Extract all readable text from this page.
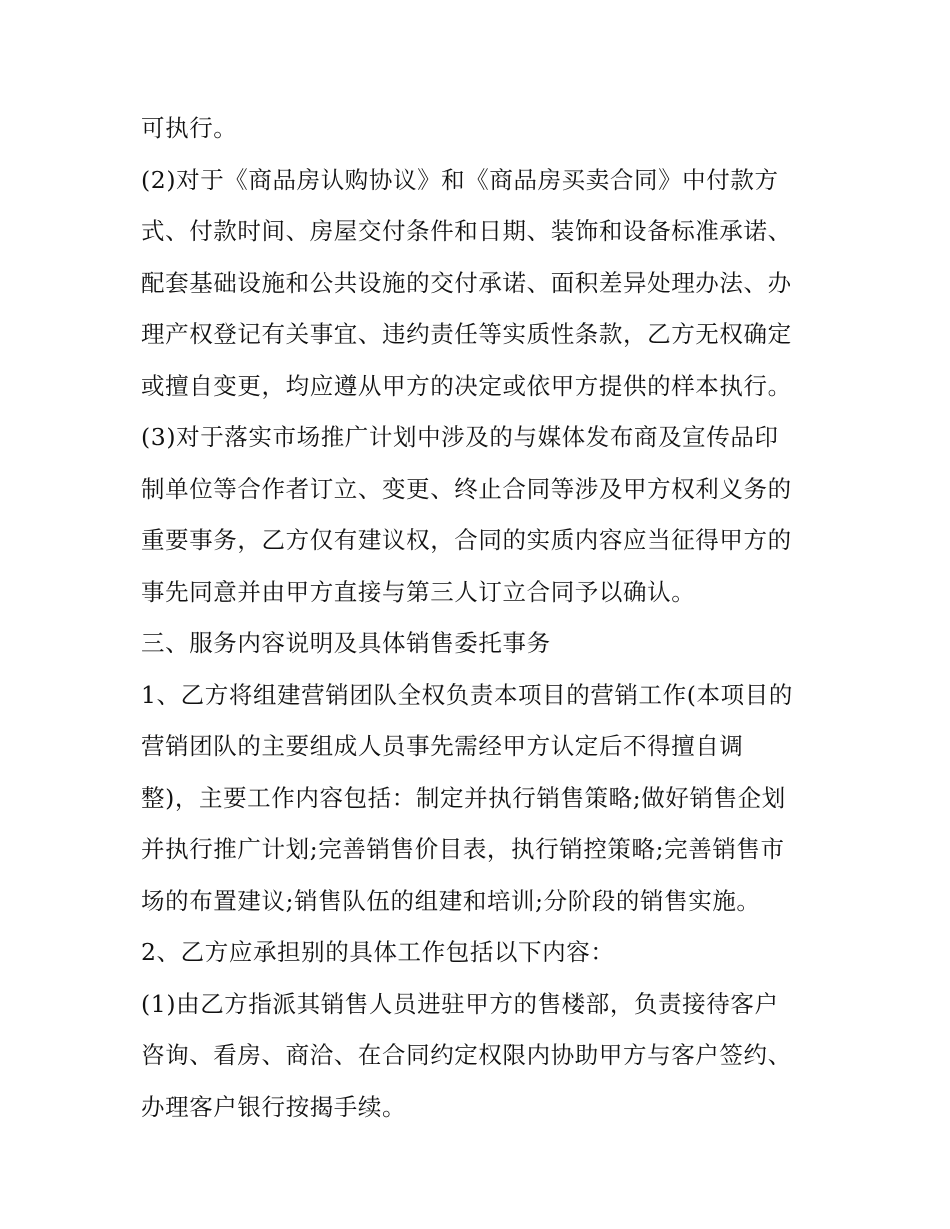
可执行。
(2)对于《商品房认购协议》和《商品房买卖合同》中付款方
式、付款时间、房屋交付条件和日期、装饰和设备标准承诺、
配套基础设施和公共设施的交付承诺、面积差异处理办法、办
理产权登记有关事宜、违约责任等实质性条款，乙方无权确定
或擅自变更，均应遵从甲方的决定或依甲方提供的样本执行。
(3)对于落实市场推广计划中涉及的与媒体发布商及宣传品印
制单位等合作者订立、变更、终止合同等涉及甲方权利义务的
重要事务，乙方仅有建议权，合同的实质内容应当征得甲方的
事先同意并由甲方直接与第三人订立合同予以确认。
三、服务内容说明及具体销售委托事务
1、乙方将组建营销团队全权负责本项目的营销工作(本项目的
营销团队的主要组成人员事先需经甲方认定后不得擅自调
整)，主要工作内容包括：制定并执行销售策略;做好销售企划
并执行推广计划;完善销售价目表，执行销控策略;完善销售市
场的布置建议;销售队伍的组建和培训;分阶段的销售实施。
2、乙方应承担别的具体工作包括以下内容：
(1)由乙方指派其销售人员进驻甲方的售楼部，负责接待客户
咨询、看房、商洽、在合同约定权限内协助甲方与客户签约、
办理客户银行按揭手续。
